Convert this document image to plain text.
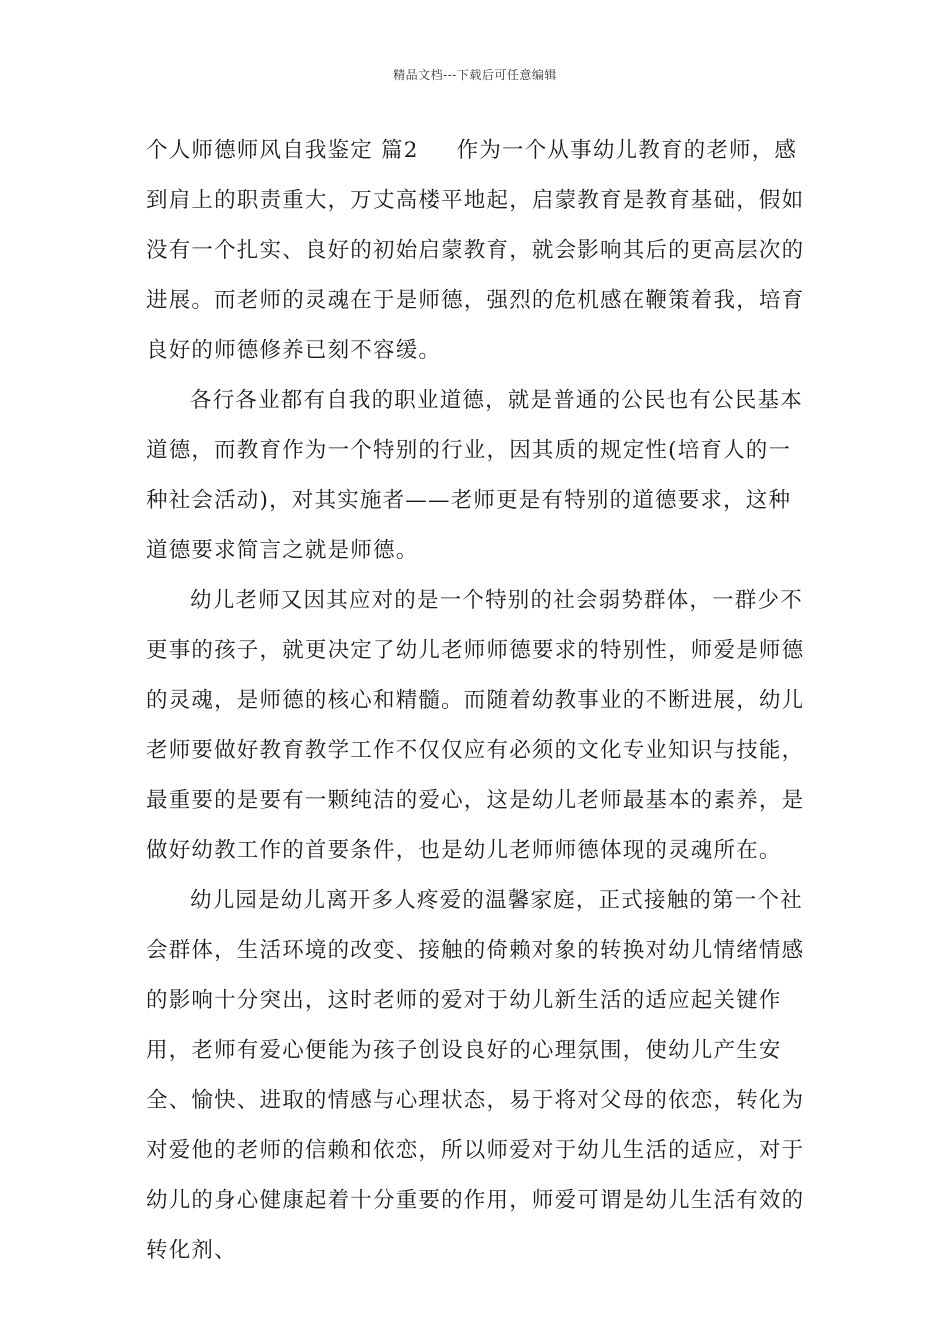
精品文档---下载后可任意编辑

个人师德师风自我鉴定 篇2 作为一个从事幼儿教育的老师，感到肩上的职责重大，万丈高楼平地起，启蒙教育是教育基础，假如没有一个扎实、良好的初始启蒙教育，就会影响其后的更高层次的进展。而老师的灵魂在于是师德，强烈的危机感在鞭策着我，培育良好的师德修养已刻不容缓。

各行各业都有自我的职业道德，就是普通的公民也有公民基本道德，而教育作为一个特别的行业，因其质的规定性(培育人的一种社会活动)，对其实施者——老师更是有特别的道德要求，这种道德要求简言之就是师德。

幼儿老师又因其应对的是一个特别的社会弱势群体，一群少不更事的孩子，就更决定了幼儿老师师德要求的特别性，师爱是师德的灵魂，是师德的核心和精髓。而随着幼教事业的不断进展，幼儿老师要做好教育教学工作不仅仅应有必须的文化专业知识与技能，最重要的是要有一颗纯洁的爱心，这是幼儿老师最基本的素养，是做好幼教工作的首要条件，也是幼儿老师师德体现的灵魂所在。

幼儿园是幼儿离开多人疼爱的温馨家庭，正式接触的第一个社会群体，生活环境的改变、接触的倚赖对象的转换对幼儿情绪情感的影响十分突出，这时老师的爱对于幼儿新生活的适应起关键作用，老师有爱心便能为孩子创设良好的心理氛围，使幼儿产生安全、愉快、进取的情感与心理状态，易于将对父母的依恋，转化为对爱他的老师的信赖和依恋，所以师爱对于幼儿生活的适应，对于幼儿的身心健康起着十分重要的作用，师爱可谓是幼儿生活有效的转化剂、
